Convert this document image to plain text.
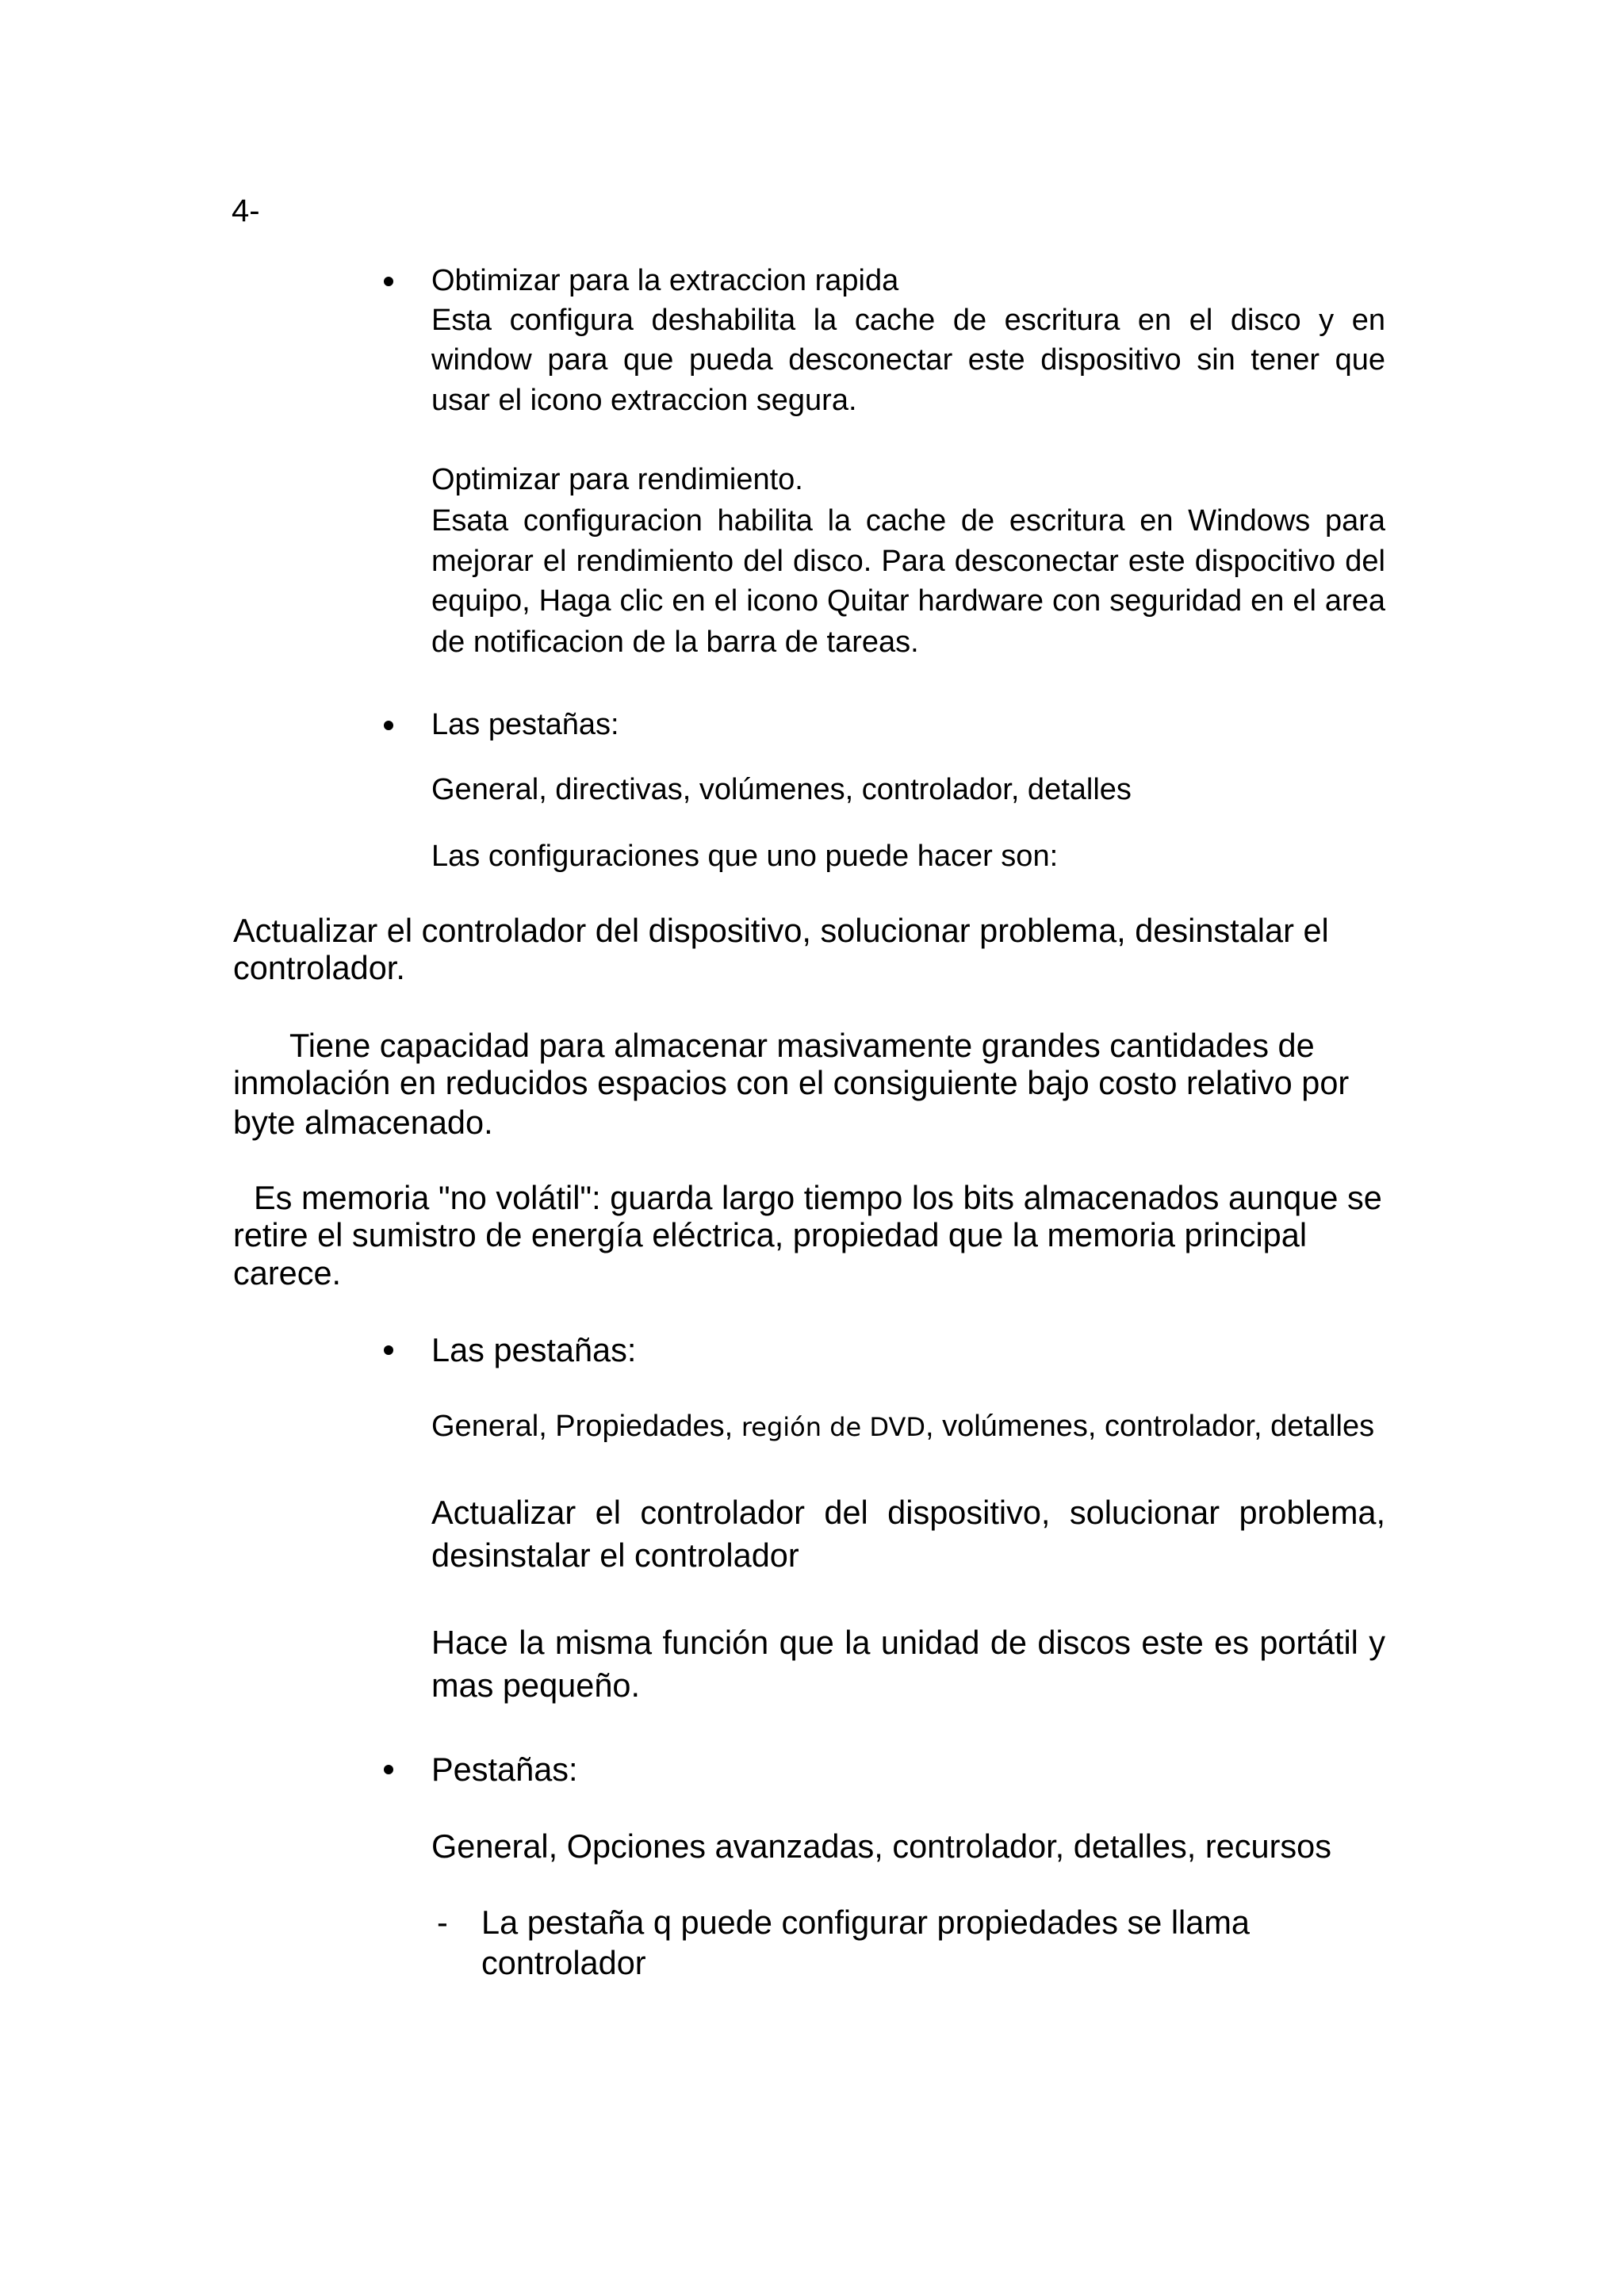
4-
Obtimizar para la extraccion rapida
Esta configura deshabilita la cache de escritura en el disco y en
window para que pueda desconectar este dispositivo sin tener que
usar el icono extraccion segura.
Optimizar para rendimiento.
Esata configuracion habilita la cache de escritura en Windows para
mejorar el rendimiento del disco. Para desconectar este dispocitivo del
equipo, Haga clic en el icono Quitar hardware con seguridad en el area
de notificacion de la barra de tareas.
Las pestañas:
General, directivas, volúmenes, controlador, detalles
Las configuraciones que uno puede hacer son:
Actualizar el controlador del dispositivo, solucionar problema, desinstalar el
controlador.
Tiene capacidad para almacenar masivamente grandes cantidades de
inmolación en reducidos espacios con el consiguiente bajo costo relativo por
byte almacenado.
Es memoria "no volátil": guarda largo tiempo los bits almacenados aunque se
retire el sumistro de energía eléctrica, propiedad que la memoria principal
carece.
Las pestañas:
General, Propiedades, región de DVD, volúmenes, controlador, detalles
Actualizar el controlador del dispositivo, solucionar problema,
desinstalar el controlador
Hace la misma función que la unidad de discos este es portátil y
mas pequeño.
Pestañas:
General, Opciones avanzadas, controlador, detalles, recursos
- La pestaña q puede configurar propiedades se llama
controlador
